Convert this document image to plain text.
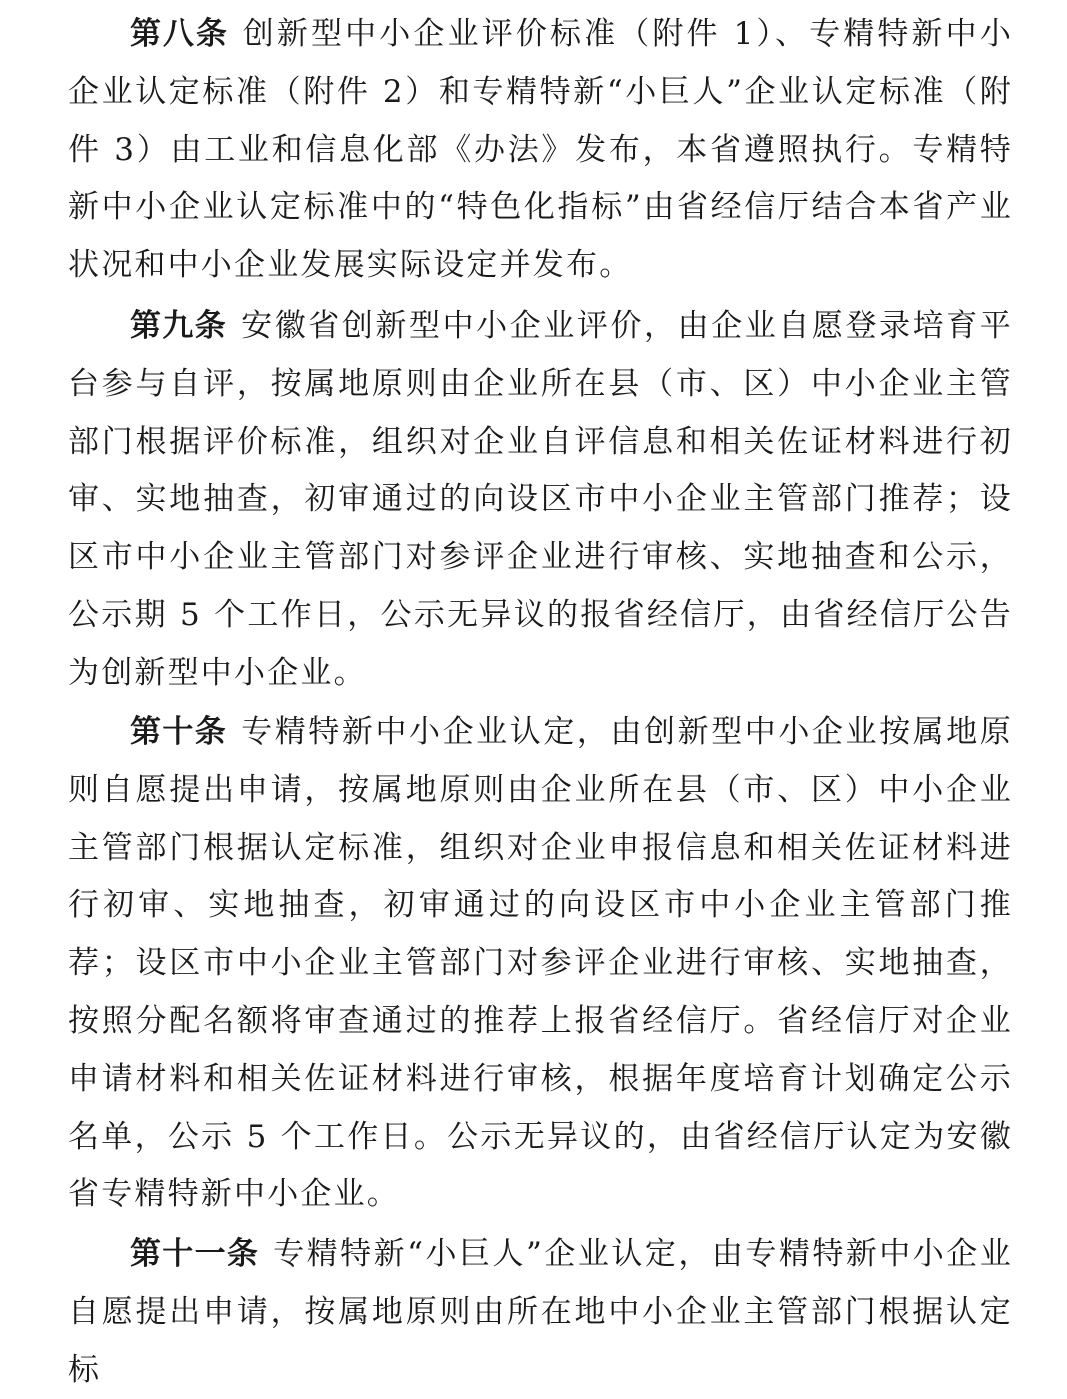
第八条 创新型中小企业评价标准（附件 1）、专精特新中小企业认定标准（附件 2）和专精特新“小巨人”企业认定标准（附件 3）由工业和信息化部《办法》发布，本省遵照执行。专精特新中小企业认定标准中的“特色化指标”由省经信厅结合本省产业状况和中小企业发展实际设定并发布。

第九条 安徽省创新型中小企业评价，由企业自愿登录培育平台参与自评，按属地原则由企业所在县（市、区）中小企业主管部门根据评价标准，组织对企业自评信息和相关佐证材料进行初审、实地抽查，初审通过的向设区市中小企业主管部门推荐；设区市中小企业主管部门对参评企业进行审核、实地抽查和公示，公示期 5 个工作日，公示无异议的报省经信厅，由省经信厅公告为创新型中小企业。

第十条 专精特新中小企业认定，由创新型中小企业按属地原则自愿提出申请，按属地原则由企业所在县（市、区）中小企业主管部门根据认定标准，组织对企业申报信息和相关佐证材料进行初审、实地抽查，初审通过的向设区市中小企业主管部门推荐；设区市中小企业主管部门对参评企业进行审核、实地抽查，按照分配名额将审查通过的推荐上报省经信厅。省经信厅对企业申请材料和相关佐证材料进行审核，根据年度培育计划确定公示名单，公示 5 个工作日。公示无异议的，由省经信厅认定为安徽省专精特新中小企业。

第十一条 专精特新“小巨人”企业认定，由专精特新中小企业自愿提出申请，按属地原则由所在地中小企业主管部门根据认定标
